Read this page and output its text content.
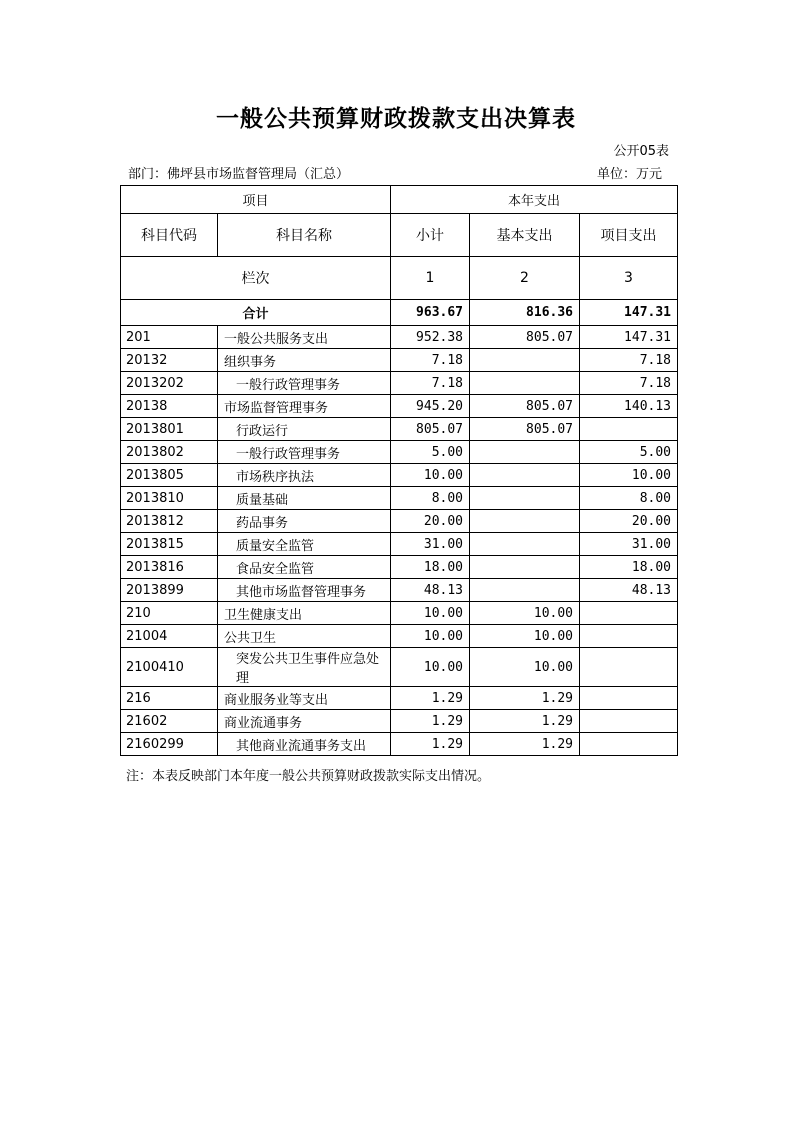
一般公共预算财政拨款支出决算表
公开05表
部门：佛坪县市场监督管理局（汇总）	单位：万元
项目		本年支出		
科目代码	科目名称	小计	基本支出	项目支出
栏次		1	2	3
合计		963.67	816.36	147.31
201	一般公共服务支出	952.38	805.07	147.31
20132	组织事务	7.18		7.18
2013202	一般行政管理事务	7.18		7.18
20138	市场监督管理事务	945.20	805.07	140.13
2013801	行政运行	805.07	805.07	
2013802	一般行政管理事务	5.00		5.00
2013805	市场秩序执法	10.00		10.00
2013810	质量基础	8.00		8.00
2013812	药品事务	20.00		20.00
2013815	质量安全监管	31.00		31.00
2013816	食品安全监管	18.00		18.00
2013899	其他市场监督管理事务	48.13		48.13
210	卫生健康支出	10.00	10.00	
21004	公共卫生	10.00	10.00	
2100410	突发公共卫生事件应急处理	10.00	10.00	
216	商业服务业等支出	1.29	1.29	
21602	商业流通事务	1.29	1.29	
2160299	其他商业流通事务支出	1.29	1.29	
注：本表反映部门本年度一般公共预算财政拨款实际支出情况。
